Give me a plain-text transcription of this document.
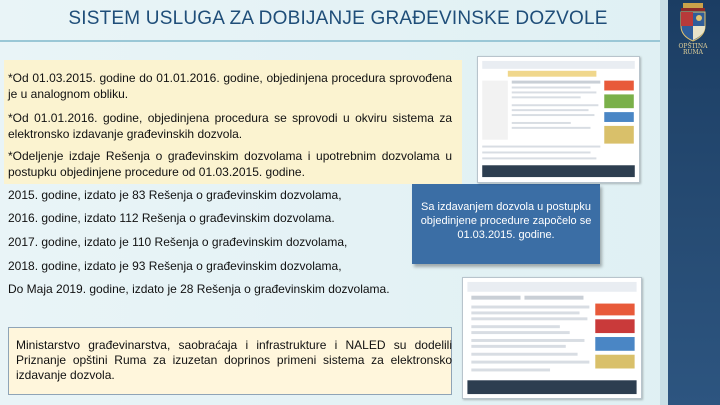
SISTEM USLUGA ZA DOBIJANJE GRAĐEVINSKE DOZVOLE
OPŠTINA RUMA
*Od 01.03.2015. godine do 01.01.2016. godine, objedinjena procedura sprovođena je u analognom obliku.
*Od 01.01.2016. godine, objedinjena procedura se sprovodi u okviru sistema za elektronsko izdavanje građevinskih dozvola.
*Odeljenje izdaje Rešenja o građevinskim dozvolama i upotrebnim dozvolama u postupku objedinjene procedure od 01.03.2015. godine.
2015. godine, izdato je 83 Rešenja o građevinskim dozvolama,
2016. godine, izdato 112 Rešenja o građevinskim dozvolama.
2017. godine, izdato je 110 Rešenja o građevinskim dozvolama,
2018. godine, izdato je 93 Rešenja o građevinskim dozvolama,
Do Maja 2019. godine, izdato je 28 Rešenja o građevinskim dozvolama.
Sa izdavanjem dozvola u postupku objedinjene procedure započelo se 01.03.2015. godine.
Ministarstvo građevinarstva, saobraćaja i infrastrukture i NALED su dodelili Priznanje opštini Ruma za izuzetan doprinos primeni sistema za elektronsko izdavanje dozvola.
